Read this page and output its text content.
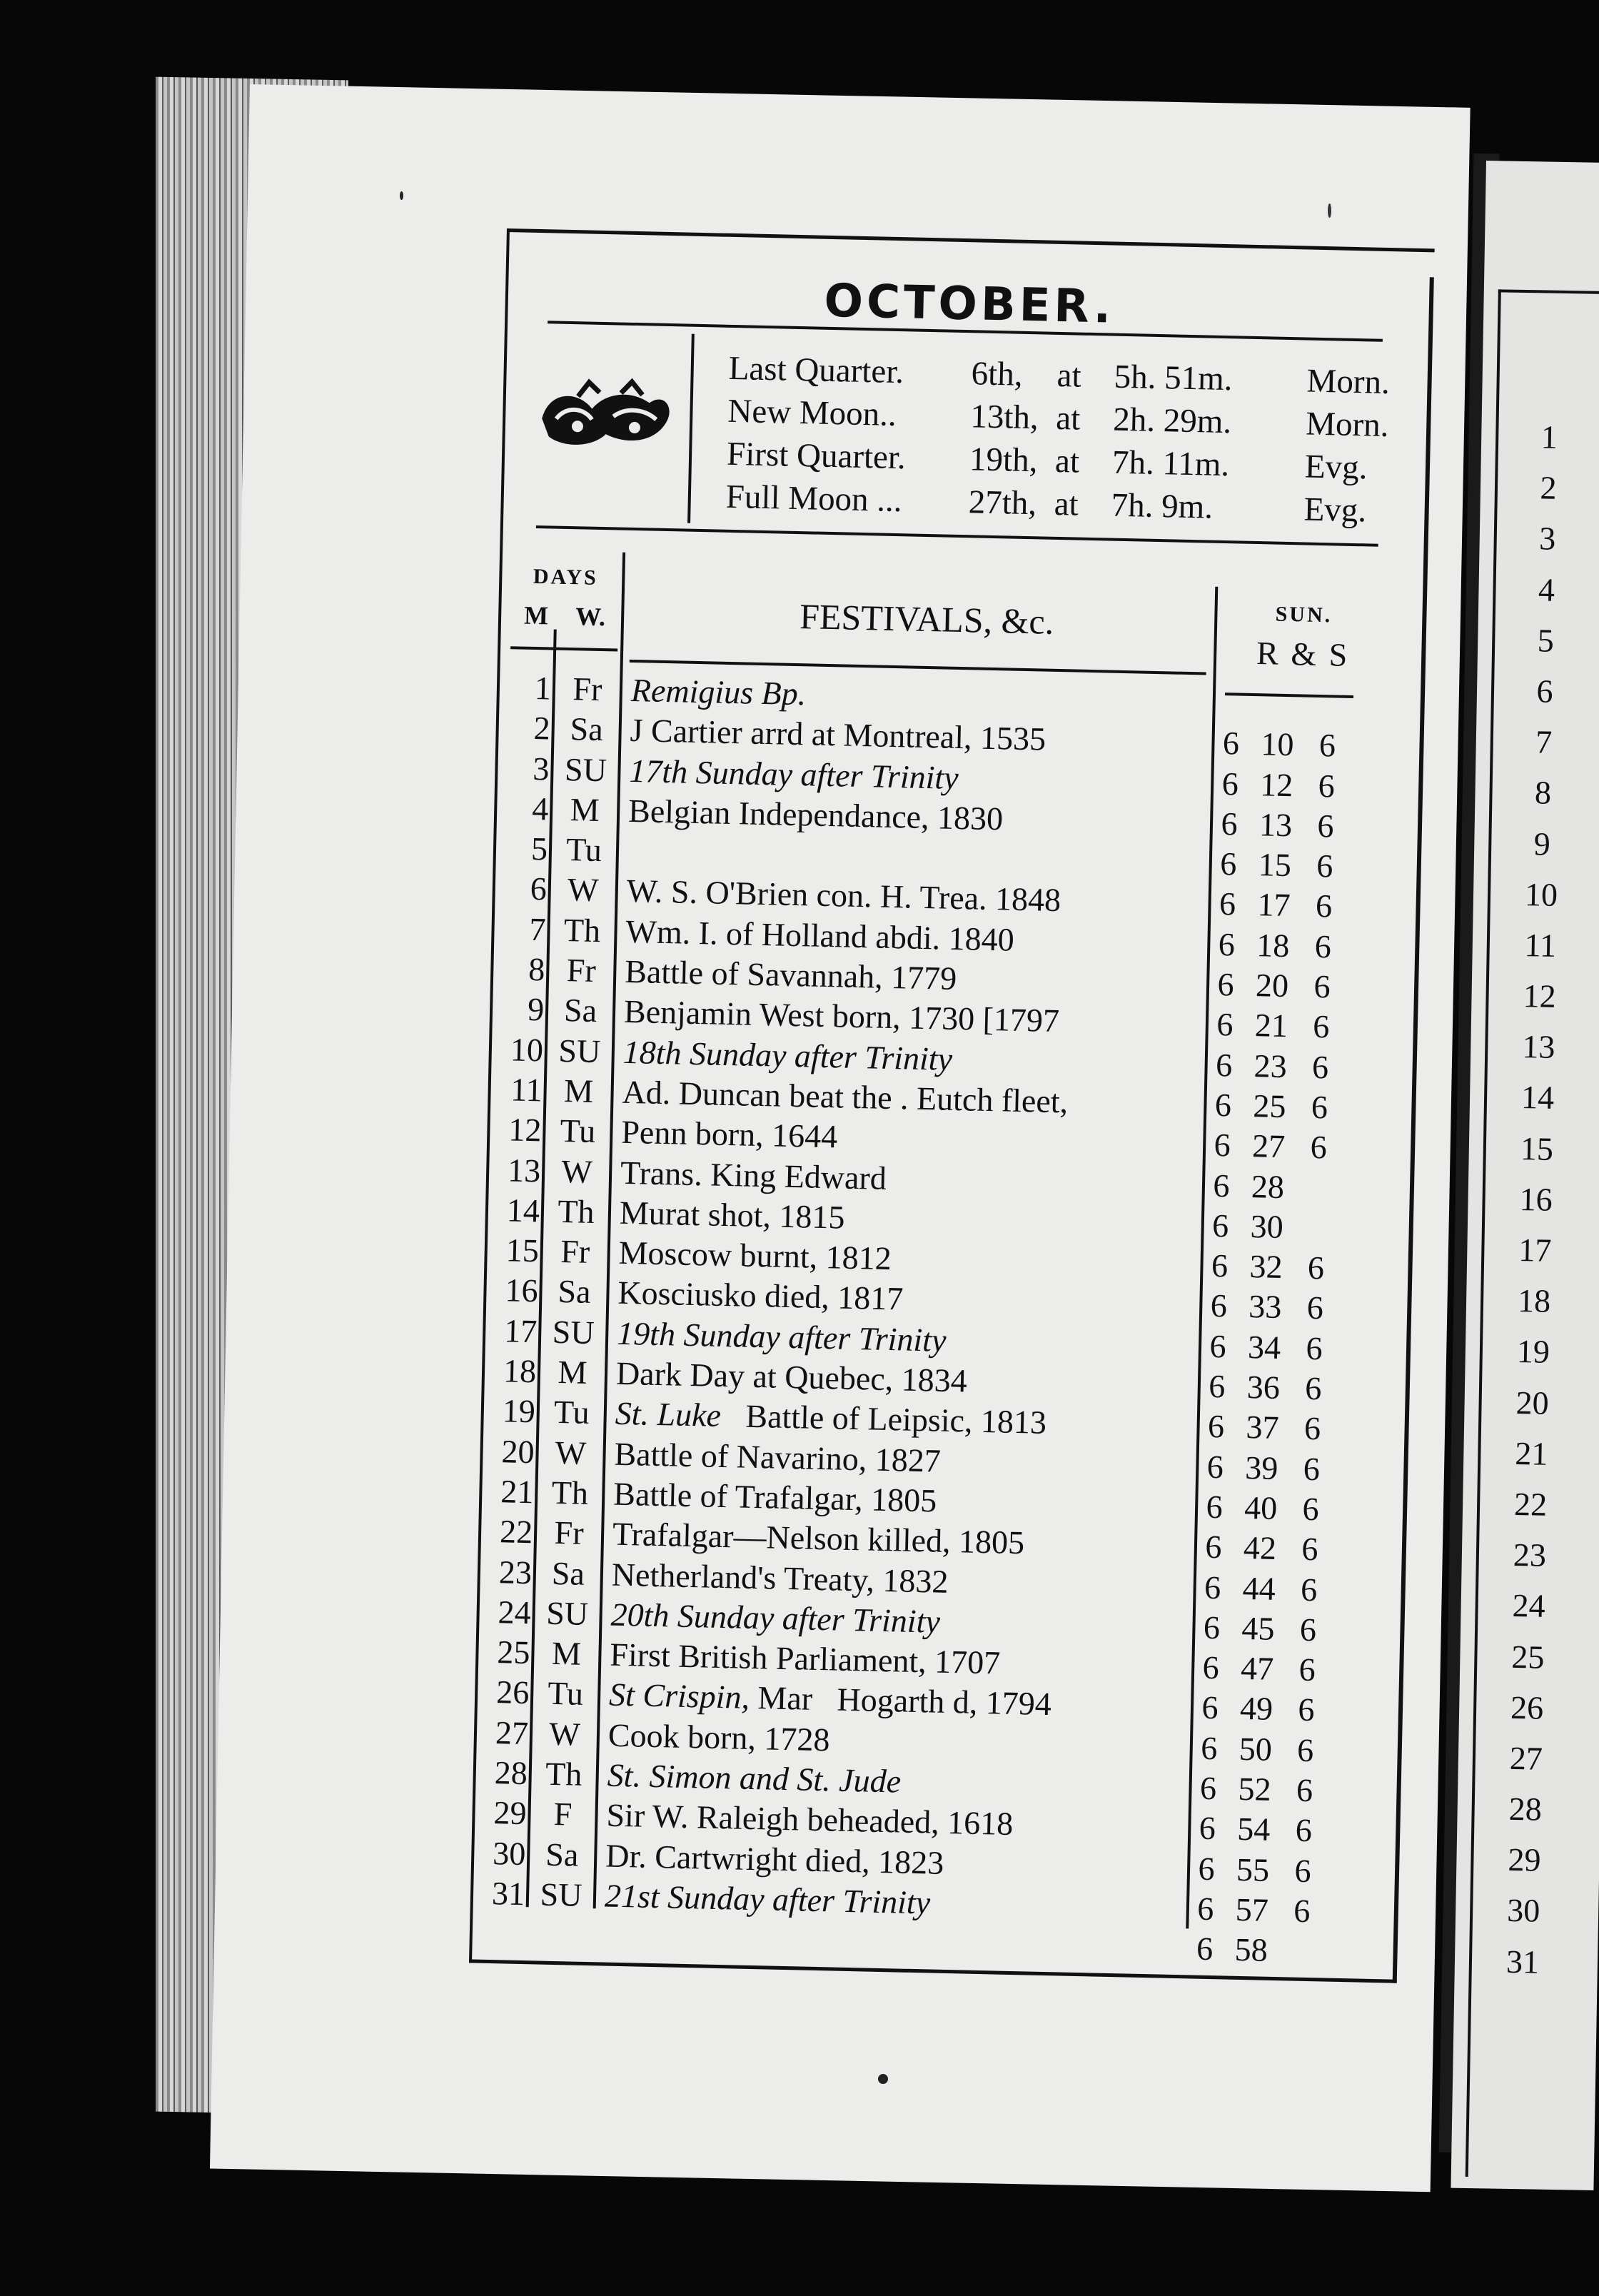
1
2
3
4
5
6
7
8
9
10
11
12
13
14
15
16
17
18
19
20
21
22
23
24
25
26
27
28
29
30
31
OCTOBER.
Last Quarter.	6th,	at 5h. 51m.	Morn.
New Moon..	13th, at 2h. 29m.	Morn.
First Quarter.	19th, at 7h. 11m.	Evg.
Full Moon ...	27th, at 7h. 9m.	Evg.
DAYS
M W.	FESTIVALS, &c.	SUN.
R & S
1 Fr Remigius Bp.
2 Sa J Cartier arrd at Montreal, 1535	6 10 6
3 SU 17th Sunday after Trinity	6 12 6
4 M Belgian Independance, 1830	6 13 6
5 Tu	6 15 6
6 W W. S. O'Brien con. H. Trea. 1848	6 17 6
7 Th Wm. I. of Holland abdi. 1840	6 18 6
8 Fr Battle of Savannah, 1779	6 20 6
9 Sa Benjamin West born, 1730 [1797	6 21 6
10 SU 18th Sunday after Trinity	6 23 6
11 M Ad. Duncan beat the . Eutch fleet,	6 25 6
12 Tu Penn born, 1644	6 27 6
13 W Trans. King Edward	6 28
14 Th Murat shot, 1815	6 30
15 Fr Moscow burnt, 1812	6 32 6
16 Sa Kosciusko died, 1817	6 33 6
17 SU 19th Sunday after Trinity	6 34 6
18 M Dark Day at Quebec, 1834	6 36 6
19 Tu St. Luke   Battle of Leipsic, 1813	6 37 6
20 W Battle of Navarino, 1827	6 39 6
21 Th Battle of Trafalgar, 1805	6 40 6
22 Fr Trafalgar—Nelson killed, 1805	6 42 6
23 Sa Netherland's Treaty, 1832	6 44 6
24 SU 20th Sunday after Trinity	6 45 6
25 M First British Parliament, 1707	6 47 6
26 Tu St Crispin, Mar   Hogarth d, 1794	6 49 6
27 W Cook born, 1728	6 50 6
28 Th St. Simon and St. Jude	6 52 6
29 F	Sir W. Raleigh beheaded, 1618	6 54 6
30 Sa Dr. Cartwright died, 1823	6 55 6
31 SU 21st Sunday after Trinity	6 57 6
6 58
